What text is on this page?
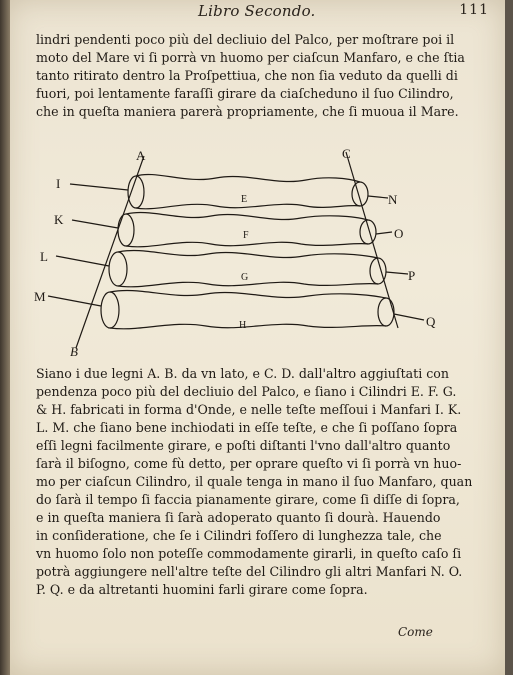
Libro Secondo.	111

lindri pendenti poco più del decliuio del Palco, per moſtrare poi il
moto del Mare vi ſi porrà vn huomo per ciaſcun Manfaro, e che ſtia
tanto ritirato dentro la Proſpettiua, che non ſia veduto da quelli di
fuori, poi lentamente faraſſi girare da ciaſcheduno il ſuo Cilindro,
che in queſta maniera parerà propriamente, che ſi muoua il Mare.

A	C
B
I
K
L
M
N
O
P
Q
E
F
G
H

Siano i due legni A. B. da vn lato, e C. D. dall'altro aggiuſtati con
pendenza poco più del decliuio del Palco, e ſiano i Cilindri E. F. G.
& H. fabricati in forma d'Onde, e nelle teſte meſſoui i Manfari I. K.
L. M. che ſiano bene inchiodati in eſſe teſte, e che ſi poſſano ſopra
eſſi legni facilmente girare, e poſti diſtanti l'vno dall'altro quanto
ſarà il biſogno, come fù detto, per oprare queſto vi ſi porrà vn huo-
mo per ciaſcun Cilindro, il quale tenga in mano il ſuo Manfaro, quan
do ſarà il tempo ſi faccia pianamente girare, come ſi diſſe di ſopra,
e in queſta maniera ſi ſarà adoperato quanto ſi dourà. Hauendo
in conſideratione, che ſe i Cilindri foſſero di lunghezza tale, che
vn huomo ſolo non poteſſe commodamente girarli, in queſto caſo ſi
potrà aggiungere nell'altre teſte del Cilindro gli altri Manfari N. O.
P. Q. e da altretanti huomini farli girare come ſopra.

Come
